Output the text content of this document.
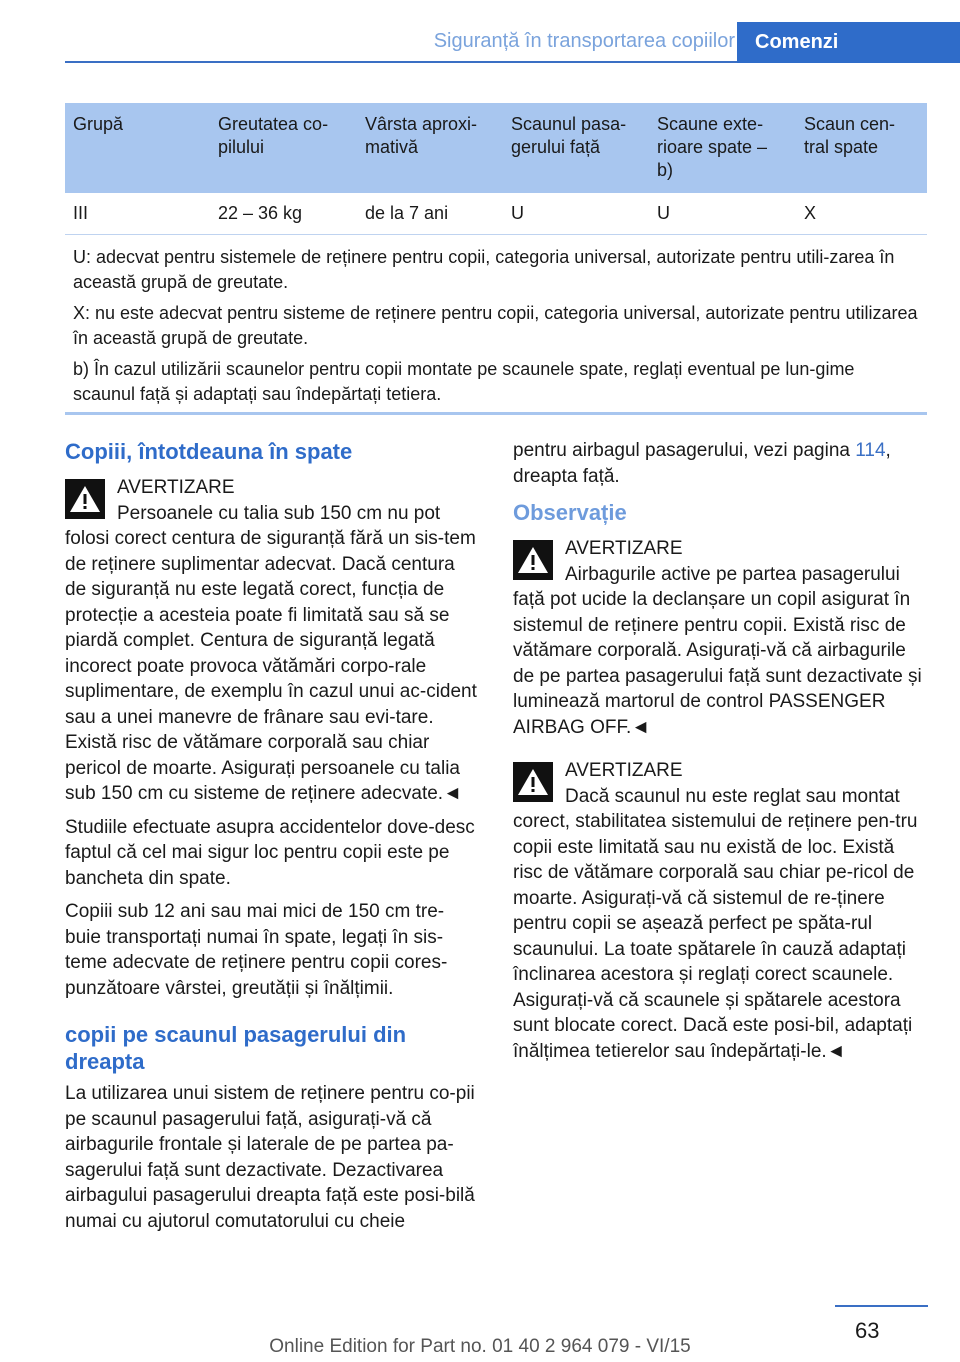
Siguranță în transportarea copiilor	Comenzi
Grupă	Greutatea co-pilului	Vârsta aproxi-mativă	Scaunul pasa-gerului față	Scaune exte-rioare spate – b)	Scaun cen-tral spate
III	22 – 36 kg	de la 7 ani	U	U	X

U: adecvat pentru sistemele de reținere pentru copii, categoria universal, autorizate pentru utili-zarea în această grupă de greutate.
X: nu este adecvat pentru sisteme de reținere pentru copii, categoria universal, autorizate pentru utilizarea în această grupă de greutate.
b) În cazul utilizării scaunelor pentru copii montate pe scaunele spate, reglați eventual pe lun-gime scaunul față și adaptați sau îndepărtați tetiera.					
Copiii, întotdeauna în spate
AVERTIZARE
Persoanele cu talia sub 150 cm nu pot folosi corect centura de siguranță fără un sis-tem de reținere suplimentar adecvat. Dacă centura de siguranță nu este legată corect, funcția de protecție a acesteia poate fi limitată sau să se piardă complet. Centura de siguranță legată incorect poate provoca vătămări corpo-rale suplimentare, de exemplu în cazul unui ac-cident sau a unei manevre de frânare sau evi-tare. Există risc de vătămare corporală sau chiar pericol de moarte. Asigurați persoanele cu talia sub 150 cm cu sisteme de reținere adecvate.◄

Studiile efectuate asupra accidentelor dove-desc faptul că cel mai sigur loc pentru copii este pe bancheta din spate.

Copiii sub 12 ani sau mai mici de 150 cm tre-buie transportați numai în spate, legați în sis-teme adecvate de reținere pentru copii cores-punzătoare vârstei, greutății și înălțimii.

copii pe scaunul pasagerului din dreapta

La utilizarea unui sistem de reținere pentru co-pii pe scaunul pasagerului față, asigurați-vă că airbagurile frontale și laterale de pe partea pa-sagerului față sunt dezactivate. Dezactivarea airbagului pasagerului dreapta față este posi-bilă numai cu ajutorul comutatorului cu cheie

pentru airbagul pasagerului, vezi pagina 114, dreapta față.

Observație
AVERTIZARE
Airbagurile active pe partea pasagerului față pot ucide la declanșare un copil asigurat în sistemul de reținere pentru copii. Există risc de vătămare corporală. Asigurați-vă că airbagurile de pe partea pasagerului față sunt dezactivate și luminează martorul de control PASSENGER AIRBAG OFF.◄
AVERTIZARE
Dacă scaunul nu este reglat sau montat corect, stabilitatea sistemului de reținere pen-tru copii este limitată sau nu există de loc. Există risc de vătămare corporală sau chiar pe-ricol de moarte. Asigurați-vă că sistemul de re-ținere pentru copii se așează perfect pe spăta-rul scaunului. La toate spătarele în cauză adaptați înclinarea acestora și reglați corect scaunele. Asigurați-vă că scaunele și spătarele acestora sunt blocate corect. Dacă este posi-bil, adaptați înălțimea tetierelor sau îndepărtați-le.◄
63
Online Edition for Part no. 01 40 2 964 079 - VI/15
